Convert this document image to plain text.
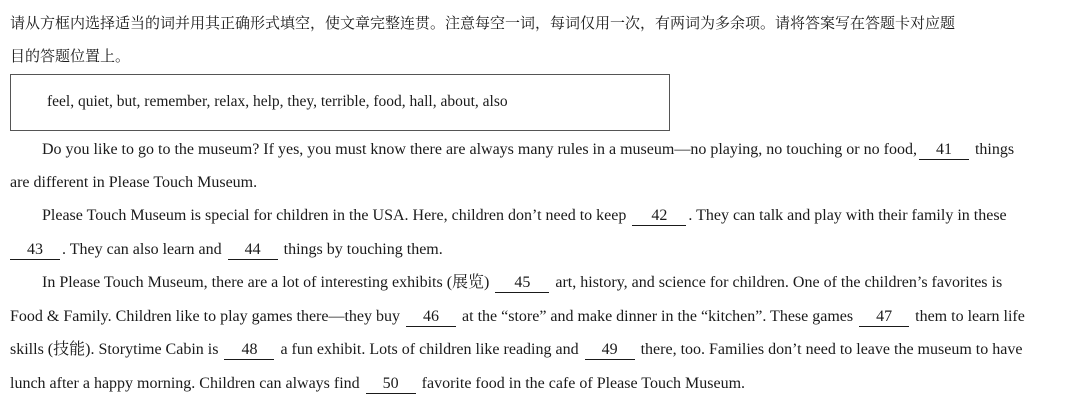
请从方框内选择适当的词并用其正确形式填空，使文章完整连贯。注意每空一词，每词仅用一次，有两词为多余项。请将答案写在答题卡对应题
目的答题位置上。
feel, quiet, but, remember, relax, help, they, terrible, food, hall, about, also
Do you like to go to the museum? If yes, you must know there are always many rules in a museum—no playing, no touching or no food, 41 things
are different in Please Touch Museum.
Please Touch Museum is special for children in the USA. Here, children don’t need to keep 42 . They can talk and play with their family in these
43 . They can also learn and 44 things by touching them.
In Please Touch Museum, there are a lot of interesting exhibits (展览) 45 art, history, and science for children. One of the children’s favorites is
Food & Family. Children like to play games there—they buy 46 at the “store” and make dinner in the “kitchen”. These games 47 them to learn life
skills (技能). Storytime Cabin is 48 a fun exhibit. Lots of children like reading and 49 there, too. Families don’t need to leave the museum to have
lunch after a happy morning. Children can always find 50 favorite food in the cafe of Please Touch Museum.
